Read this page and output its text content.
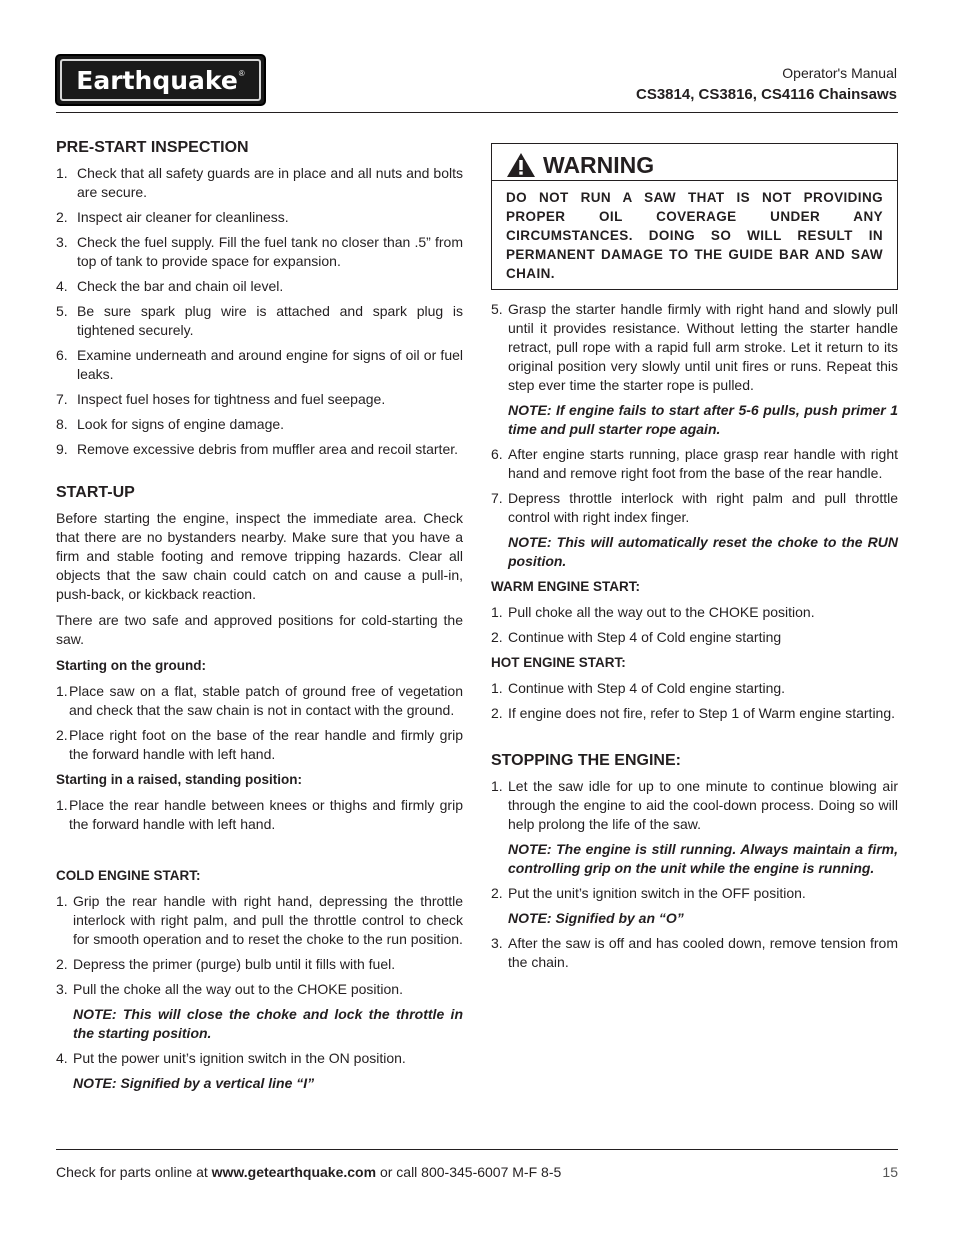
Earthquake ®	Operator's Manual
CS3814, CS3816, CS4116 Chainsaws
PRE-START INSPECTION
1. Check that all safety guards are in place and all nuts and bolts are secure.
2. Inspect air cleaner for cleanliness.
3. Check the fuel supply. Fill the fuel tank no closer than .5” from top of tank to provide space for expansion.
4. Check the bar and chain oil level.
5. Be sure spark plug wire is attached and spark plug is tightened securely.
6. Examine underneath and around engine for signs of oil or fuel leaks.
7. Inspect fuel hoses for tightness and fuel seepage.
8. Look for signs of engine damage.
9. Remove excessive debris from muffler area and recoil starter.
START-UP

Before starting the engine, inspect the immediate area. Check that there are no bystanders nearby. Make sure that you have a firm and stable footing and remove tripping hazards. Clear all objects that the saw chain could catch on and cause a pull-in, push-back, or kickback reaction.

There are two safe and approved positions for cold-starting the saw.

Starting on the ground:
1. Place saw on a flat, stable patch of ground free of vegetation and check that the saw chain is not in contact with the ground.
2. Place right foot on the base of the rear handle and firmly grip the forward handle with left hand.
Starting in a raised, standing position:
1. Place the rear handle between knees or thighs and firmly grip the forward handle with left hand.
COLD ENGINE START:
1. Grip the rear handle with right hand, depressing the throttle interlock with right palm, and pull the throttle control to check for smooth operation and to reset the choke to the run position.
2. Depress the primer (purge) bulb until it fills with fuel.
3. Pull the choke all the way out to the CHOKE position.
NOTE: This will close the choke and lock the throttle in the starting position.
4. Put the power unit’s ignition switch in the ON position.
NOTE: Signified by a vertical line “I”
WARNING
DO NOT RUN A SAW THAT IS NOT PROVIDING PROPER OIL COVERAGE UNDER ANY CIRCUMSTANCES. DOING SO WILL RESULT IN PERMANENT DAMAGE TO THE GUIDE BAR AND SAW CHAIN.
5. Grasp the starter handle firmly with right hand and slowly pull until it provides resistance. Without letting the starter handle retract, pull rope with a rapid full arm stroke. Let it return to its original position very slowly until unit fires or runs. Repeat this step ever time the starter rope is pulled.
NOTE: If engine fails to start after 5-6 pulls, push primer 1 time and pull starter rope again.
6. After engine starts running, place grasp rear handle with right hand and remove right foot from the base of the rear handle.
7. Depress throttle interlock with right palm and pull throttle control with right index finger.
NOTE: This will automatically reset the choke to the RUN position.
WARM ENGINE START:
1. Pull choke all the way out to the CHOKE position.
2. Continue with Step 4 of Cold engine starting
HOT ENGINE START:
1. Continue with Step 4 of Cold engine starting.
2. If engine does not fire, refer to Step 1 of Warm engine starting.
STOPPING THE ENGINE:
1. Let the saw idle for up to one minute to continue blowing air through the engine to aid the cool-down process. Doing so will help prolong the life of the saw.
NOTE: The engine is still running. Always maintain a firm, controlling grip on the unit while the engine is running.
2. Put the unit’s ignition switch in the OFF position.
NOTE: Signified by an “O”
3. After the saw is off and has cooled down, remove tension from the chain.
Check for parts online at www.getearthquake.com or call 800-345-6007 M-F 8-5	15
